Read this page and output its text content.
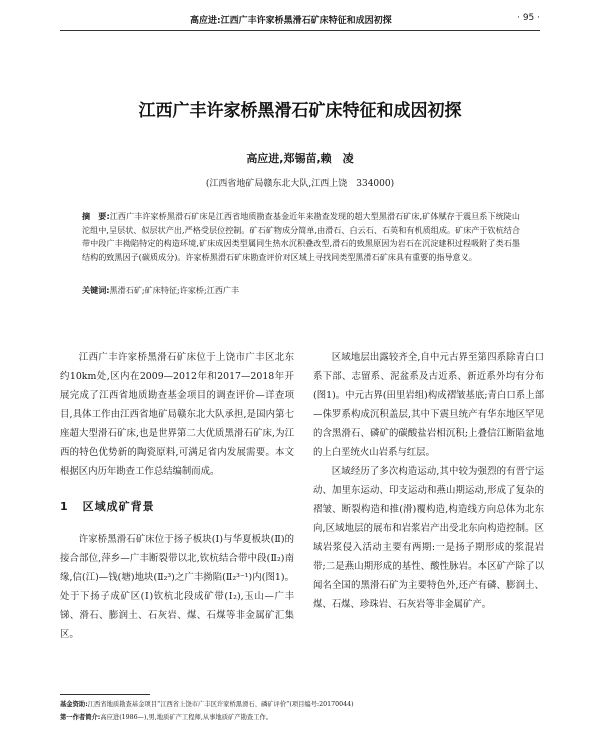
高应进:江西广丰许家桥黑滑石矿床特征和成因初探	· 95 ·
江西广丰许家桥黑滑石矿床特征和成因初探
高应进,郑锡苗,赖　凌
(江西省地矿局赣东北大队,江西上饶　334000)
摘　要:江西广丰许家桥黑滑石矿床是江西省地质勘查基金近年来勘查发现的超大型黑滑石矿床,矿体赋存于震旦系下统陡山沱组中,呈层状、似层状产出,严格受层位控制。矿石矿物成分简单,由滑石、白云石、石英和有机质组成。矿床产于钦杭结合带中段广丰拗陷特定的构造环境,矿床成因类型属同生热水沉积叠改型,滑石的致黑原因为岩石在沉淀建积过程吸附了类石墨结构的致黑因子(碳质成分)。许家桥黑滑石矿床勘查评价对区域上寻找同类型黑滑石矿床具有重要的指导意义。
关键词:黑滑石矿;矿床特征;许家桥;江西广丰

江西广丰许家桥黑滑石矿床位于上饶市广丰区北东约10km处,区内在2009—2012年和2017—2018年开展完成了江西省地质勘查基金项目的调查评价—详查项目,具体工作由江西省地矿局赣东北大队承担,是国内第七座超大型滑石矿床,也是世界第二大优质黑滑石矿床,为江西的特色优势新的陶瓷原料,可满足省内发展需要。本文根据区内历年勘查工作总结编制而成。

1 区域成矿背景

许家桥黑滑石矿床位于扬子板块(Ⅰ)与华夏板块(Ⅱ)的接合部位,萍乡—广丰断裂带以北,钦杭结合带中段(Ⅱ₂)南缘,信(江)—钱(塘)地块(Ⅱ₂³)之广丰拗陷(Ⅱ₂³⁻¹)内(图1)。处于下扬子成矿区(Ⅰ)钦杭北段成矿带(Ⅰ₂),玉山—广丰锑、滑石、膨润土、石灰岩、煤、石煤等非金属矿汇集区。

区域地层出露较齐全,自中元古界至第四系除青白口系下部、志留系、泥盆系及古近系、新近系外均有分布(图1)。中元古界(田里岩组)构成褶皱基底;青白口系上部—侏罗系构成沉积盖层,其中下震旦统产有华东地区罕见的含黑滑石、磷矿的碳酸盐岩相沉积;上叠信江断陷盆地的上白垩统火山岩系与红层。

区域经历了多次构造运动,其中较为强烈的有晋宁运动、加里东运动、印支运动和燕山期运动,形成了复杂的褶皱、断裂构造和推(滑)覆构造,构造线方向总体为北东向,区域地层的展布和岩浆岩产出受北东向构造控制。区域岩浆侵入活动主要有两期:一是扬子期形成的浆混岩带;二是燕山期形成的基性、酸性脉岩。本区矿产除了以闻名全国的黑滑石矿为主要特色外,还产有磷、膨润土、煤、石煤、珍珠岩、石灰岩等非金属矿产。

基金资助:江西省地质勘查基金项目“江西省上饶市广丰区许家桥黑滑石、磷矿评价”(项目编号:20170044)
第一作者简介:高应进(1986—),男,地质矿产工程师,从事地质矿产勘查工作。
